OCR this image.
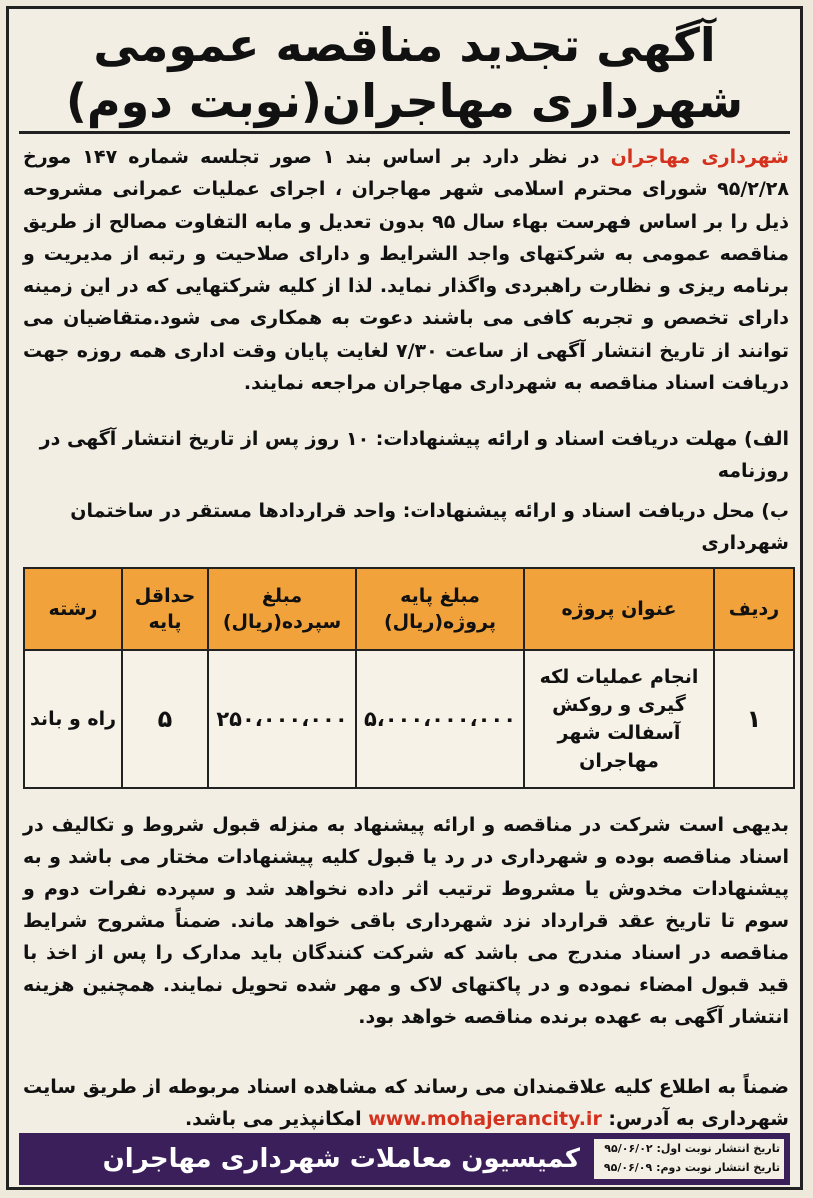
آگهی تجدید مناقصه عمومی
شهرداری مهاجران(نوبت دوم)
شهرداری مهاجران در نظر دارد بر اساس بند ۱ صور تجلسه شماره ۱۴۷ مورخ ۹۵/۲/۲۸ شورای محترم اسلامی شهر مهاجران ، اجرای عملیات عمرانی مشروحه ذیل را بر اساس فهرست بهاء سال ۹۵ بدون تعدیل و مابه التفاوت مصالح از طریق مناقصه عمومی به شرکتهای واجد الشرایط و دارای صلاحیت و رتبه از مدیریت و برنامه ریزی و نظارت راهبردی واگذار نماید. لذا از کلیه شرکتهایی که در این زمینه دارای تخصص و تجربه کافی می باشند دعوت به همکاری می شود.متقاضیان می توانند از تاریخ انتشار آگهی از ساعت ۷/۳۰ لغایت پایان وقت اداری همه روزه جهت دریافت اسناد مناقصه به شهرداری مهاجران مراجعه نمایند.
الف) مهلت دریافت اسناد و ارائه پیشنهادات: ۱۰ روز پس از تاریخ انتشار آگهی در روزنامه
ب) محل دریافت اسناد و ارائه پیشنهادات: واحد قراردادها مستقر در ساختمان شهرداری
ردیف	عنوان پروژه	مبلغ پایه پروژه(ریال)	مبلغ سپرده(ریال)	حداقل پایه	رشته
۱	انجام عملیات لکه گیری و روکش آسفالت شهر مهاجران	۵،۰۰۰،۰۰۰،۰۰۰	۲۵۰،۰۰۰،۰۰۰	۵	راه و باند
بدیهی است شرکت در مناقصه و ارائه پیشنهاد به منزله قبول شروط و تکالیف در اسناد مناقصه بوده و شهرداری در رد یا قبول کلیه پیشنهادات مختار می باشد و به پیشنهادات مخدوش یا مشروط ترتیب اثر داده نخواهد شد و سپرده نفرات دوم و سوم تا تاریخ عقد قرارداد نزد شهرداری باقی خواهد ماند. ضمناً مشروح شرایط مناقصه در اسناد مندرج می باشد که شرکت کنندگان باید مدارک را پس از اخذ با قید قبول امضاء نموده و در پاکتهای لاک و مهر شده تحویل نمایند. همچنین هزینه انتشار آگهی به عهده برنده مناقصه خواهد بود.
ضمناً به اطلاع کلیه علاقمندان می رساند که مشاهده اسناد مربوطه از طریق سایت شهرداری به آدرس: www.mohajerancity.ir امکانپذیر می باشد.
کمیسیون معاملات شهرداری مهاجران	تاریخ انتشار نوبت اول: ۹۵/۰۶/۰۲
تاریخ انتشار نوبت دوم: ۹۵/۰۶/۰۹
